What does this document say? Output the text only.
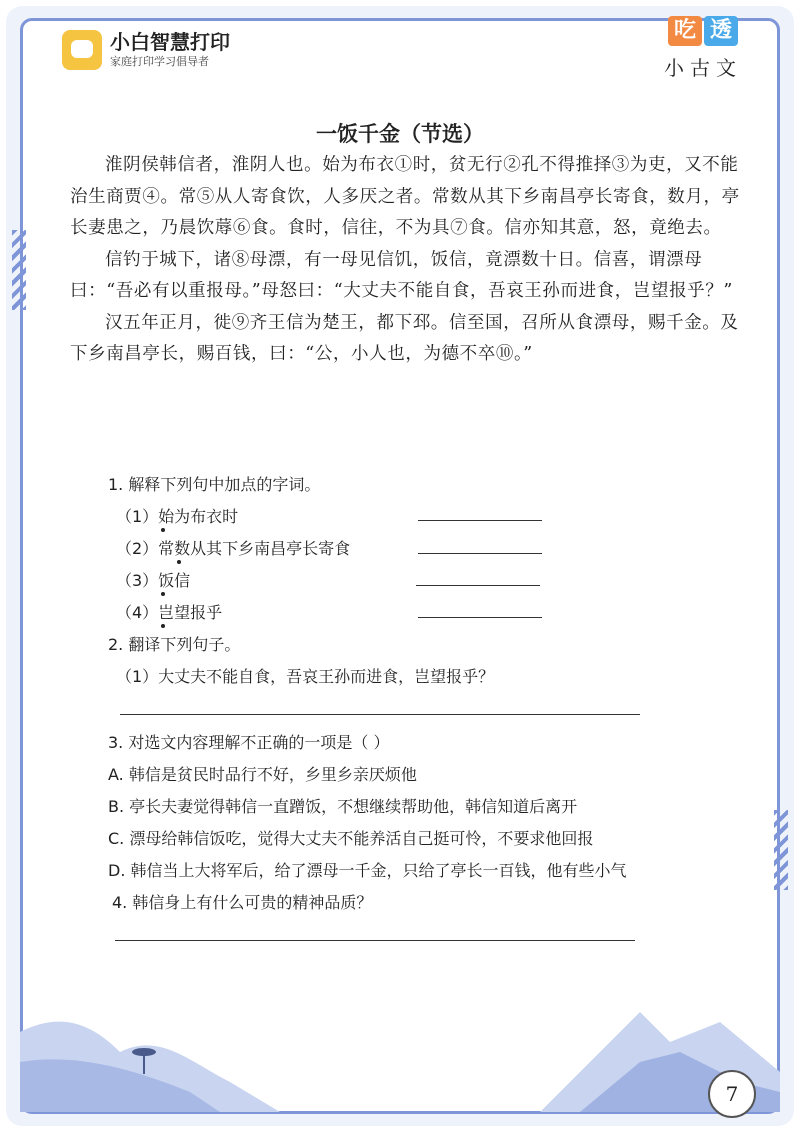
小白智慧打印
家庭打印学习倡导者
吃 透
小古文
一饭千金（节选）

淮阴侯韩信者，淮阴人也。始为布衣①时，贫无行②孔不得推择③为吏，又不能治生商贾④。常⑤从人寄食饮，人多厌之者。常数从其下乡南昌亭长寄食，数月，亭长妻患之，乃晨饮蓐⑥食。食时，信往，不为具⑦食。信亦知其意，怒，竟绝去。

信钓于城下，诸⑧母漂，有一母见信饥，饭信，竟漂数十日。信喜，谓漂母曰：“吾必有以重报母。”母怒曰：“大丈夫不能自食，吾哀王孙而进食，岂望报乎？”

汉五年正月，徙⑨齐王信为楚王，都下邳。信至国，召所从食漂母，赐千金。及下乡南昌亭长，赐百钱，曰：“公，小人也，为德不卒⑩。”

1. 解释下列句中加点的字词。
（1）始为布衣时
（2）常数从其下乡南昌亭长寄食
（3）饭信
（4）岂望报乎
2. 翻译下列句子。
（1）大丈夫不能自食，吾哀王孙而进食，岂望报乎？
3. 对选文内容理解不正确的一项是（ ）
A. 韩信是贫民时品行不好，乡里乡亲厌烦他
B. 亭长夫妻觉得韩信一直蹭饭，不想继续帮助他，韩信知道后离开
C. 漂母给韩信饭吃，觉得大丈夫不能养活自己挺可怜，不要求他回报
D. 韩信当上大将军后，给了漂母一千金，只给了亭长一百钱，他有些小气
4. 韩信身上有什么可贵的精神品质？
7
